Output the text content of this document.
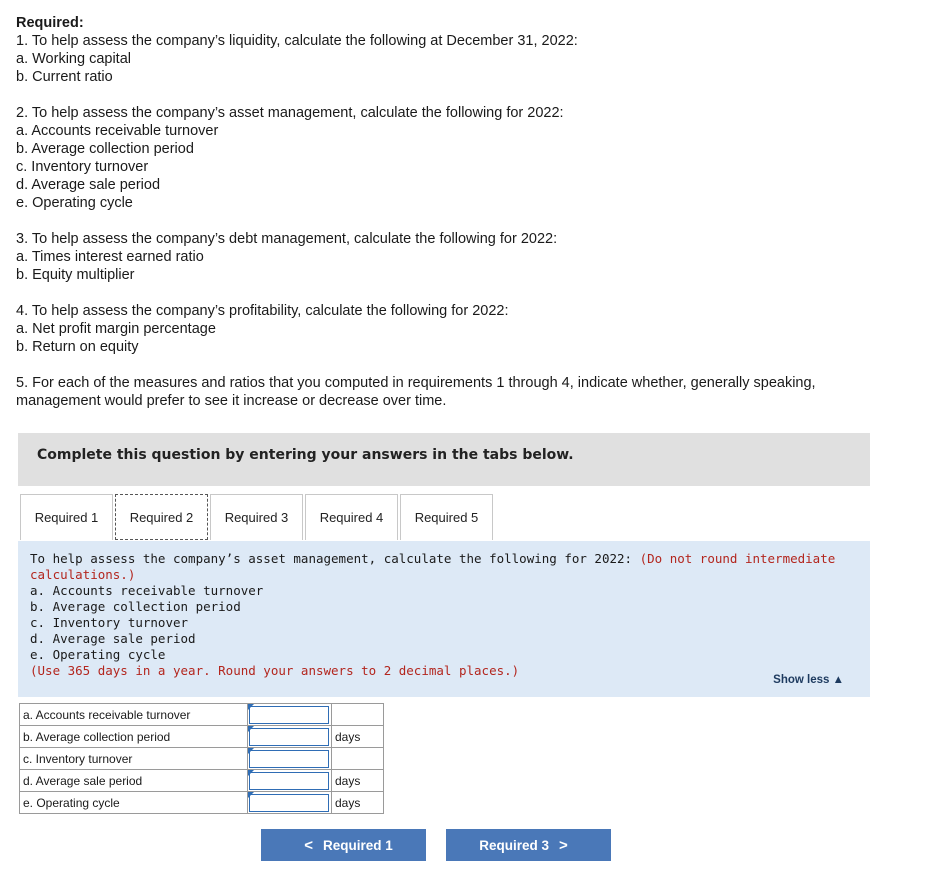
Required:

1. To help assess the company’s liquidity, calculate the following at December 31, 2022:

a. Working capital

b. Current ratio

2. To help assess the company’s asset management, calculate the following for 2022:

a. Accounts receivable turnover

b. Average collection period

c. Inventory turnover

d. Average sale period

e. Operating cycle

3. To help assess the company’s debt management, calculate the following for 2022:

a. Times interest earned ratio

b. Equity multiplier

4. To help assess the company’s profitability, calculate the following for 2022:

a. Net profit margin percentage

b. Return on equity

5. For each of the measures and ratios that you computed in requirements 1 through 4, indicate whether, generally speaking,

management would prefer to see it increase or decrease over time.

Complete this question by entering your answers in the tabs below.
Required 1	Required 2	Required 3	Required 4	Required 5

To help assess the company’s asset management, calculate the following for 2022: (Do not round intermediate calculations.)

a. Accounts receivable turnover

b. Average collection period

c. Inventory turnover

d. Average sale period

e. Operating cycle

(Use 365 days in a year. Round your answers to 2 decimal places.)

Show less ▲
a. Accounts receivable turnover	

b. Average collection period		days
c. Inventory turnover	

d. Average sale period		days
e. Operating cycle		days
< Required 1	Required 3 >
